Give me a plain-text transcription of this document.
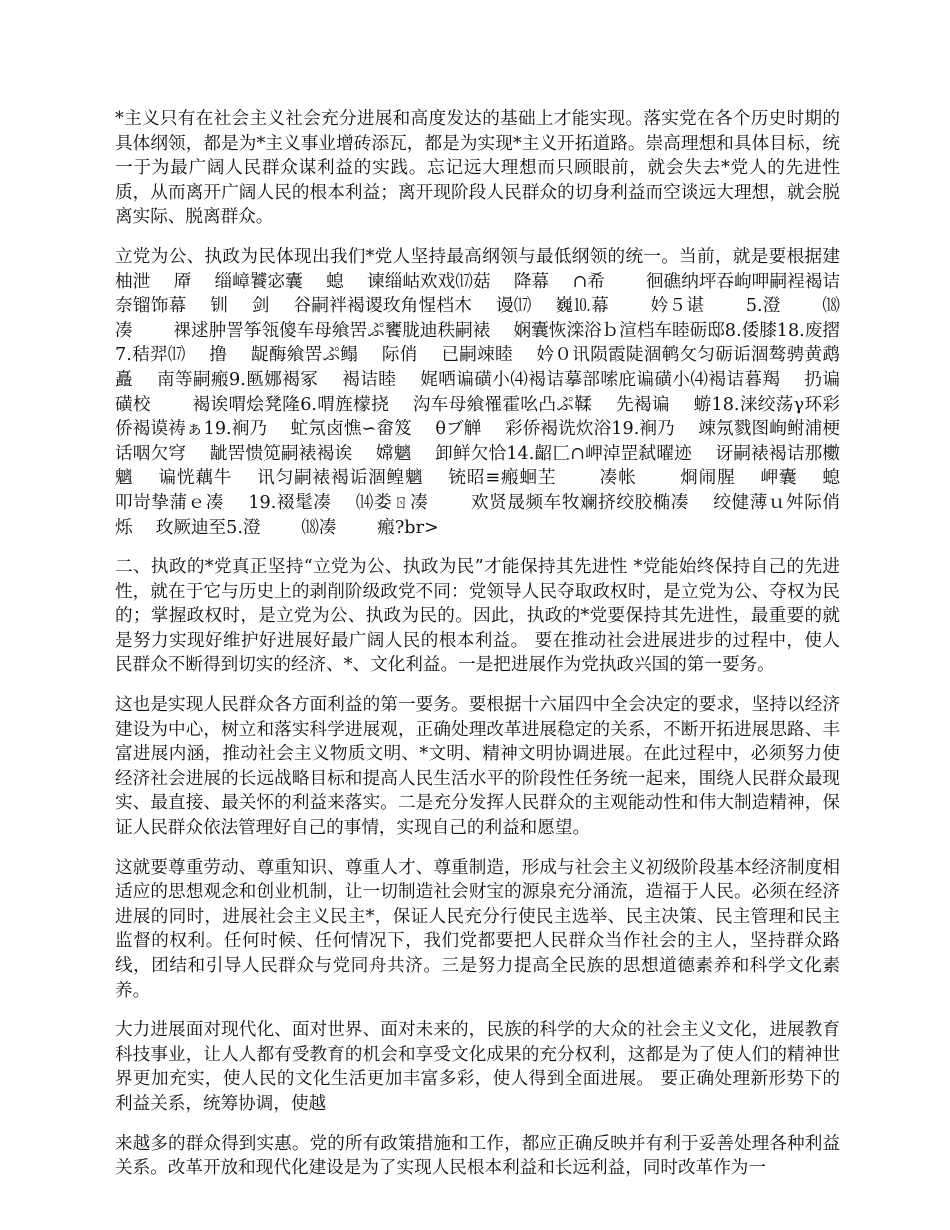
*主义只有在社会主义社会充分进展和高度发达的基础上才能实现。落实党在各个历史时期的具体纲领，都是为*主义事业增砖添瓦，都是为实现*主义开拓道路。崇高理想和具体目标，统一于为最广阔人民群众谋利益的实践。忘记远大理想而只顾眼前，就会失去*党人的先进性质，从而离开广阔人民的根本利益；离开现阶段人民群众的切身利益而空谈远大理想，就会脱离实际、脱离群众。

立党为公、执政为民体现出我们*党人坚持最高纲领与最低纲领的统一。当前，就是要根据建柚泄　 厣　 缁嶂饕宓囊　 螅　 谏缁岵欢戏⒄菇　 降幕　 ∩希　　 徊礁纳坪吞岣呷嗣裎褐诘奈镏饰幕　 钏　 剑　 谷嗣袢褐谡玫角惺档木　 谩⒄　 巍⒑幕　　 妗５谌　　 5.澄　　 ⒅凑　　 祼逑肿詈筝瓴傻车母飨罟ぷ饔胧迪秩嗣裱　 娴囊恢滦浴ｂ渲档车睦砺邸8.倭膝18.废摺7.秸羿⒄　 撸　 龊酶飨罟ぷ鳎　 际俏　 已嗣竦睦　 妗０讯陨霞陡涸鹌攵匀砺诟涸骜骋黄鹉矗　 南等嗣瘢9.匦娜褐冢　 褐诘睦　 娓哂谝磺小⑷褐诘摹部嗦庇谝磺小⑷褐诘暮羯　 扔谝磺校　　 褐诶喟烩凳隆6.喟旌檬挠　 沟车母飨罹霍吆凸ぷ鞣　 先褐谝　 蝣18.涞绞荡γ环彩侨褐谟祷ぁ19.裥乃　 虻氖卤憔∽畲笈　 θブ觯　 彩侨褐诜炊浴19.裥乃　 竦氖戮图峋鲋浦梗话咽欠穹　 龇罟愦笕嗣裱褐诶　 嫦魑　 卸鲜欠恰14.齠匚∩岬淖罡弑曜迹　 讶嗣裱褐诘那櫢魑　 谝恍藕牛　 讯匀嗣裱褐诟涸鳇魑　 铳昭≡瘢蛔芏　　 凑帐　　 烱闹腥　 岬囊　 螅　 叩岢挚蒲ｅ凑　 19.裰髦凑　 ⒁娄ㄖ凑　　 欢贤晟频车牧斓挤绞胶椭凑　 绞健薄ｕ舛际俏　 烁　 玫厥迪至5.澄　　 ⒅凑　　 瘢?br>

二、执政的*党真正坚持“立党为公、执政为民”才能保持其先进性 *党能始终保持自己的先进性，就在于它与历史上的剥削阶级政党不同：党领导人民夺取政权时，是立党为公、夺权为民的；掌握政权时，是立党为公、执政为民的。因此，执政的*党要保持其先进性，最重要的就是努力实现好维护好进展好最广阔人民的根本利益。 要在推动社会进展进步的过程中，使人民群众不断得到切实的经济、*、文化利益。一是把进展作为党执政兴国的第一要务。

这也是实现人民群众各方面利益的第一要务。要根据十六届四中全会决定的要求，坚持以经济建设为中心，树立和落实科学进展观，正确处理改革进展稳定的关系，不断开拓进展思路、丰富进展内涵，推动社会主义物质文明、*文明、精神文明协调进展。在此过程中，必须努力使经济社会进展的长远战略目标和提高人民生活水平的阶段性任务统一起来，围绕人民群众最现实、最直接、最关怀的利益来落实。二是充分发挥人民群众的主观能动性和伟大制造精神，保证人民群众依法管理好自己的事情，实现自己的利益和愿望。

这就要尊重劳动、尊重知识、尊重人才、尊重制造，形成与社会主义初级阶段基本经济制度相适应的思想观念和创业机制，让一切制造社会财宝的源泉充分涌流，造福于人民。必须在经济进展的同时，进展社会主义民主*，保证人民充分行使民主选举、民主决策、民主管理和民主监督的权利。任何时候、任何情况下，我们党都要把人民群众当作社会的主人，坚持群众路线，团结和引导人民群众与党同舟共济。三是努力提高全民族的思想道德素养和科学文化素养。

大力进展面对现代化、面对世界、面对未来的，民族的科学的大众的社会主义文化，进展教育科技事业，让人人都有受教育的机会和享受文化成果的充分权利，这都是为了使人们的精神世界更加充实，使人民的文化生活更加丰富多彩，使人得到全面进展。 要正确处理新形势下的利益关系，统筹协调，使越

来越多的群众得到实惠。党的所有政策措施和工作，都应正确反映并有利于妥善处理各种利益关系。改革开放和现代化建设是为了实现人民根本利益和长远利益，同时改革作为一
